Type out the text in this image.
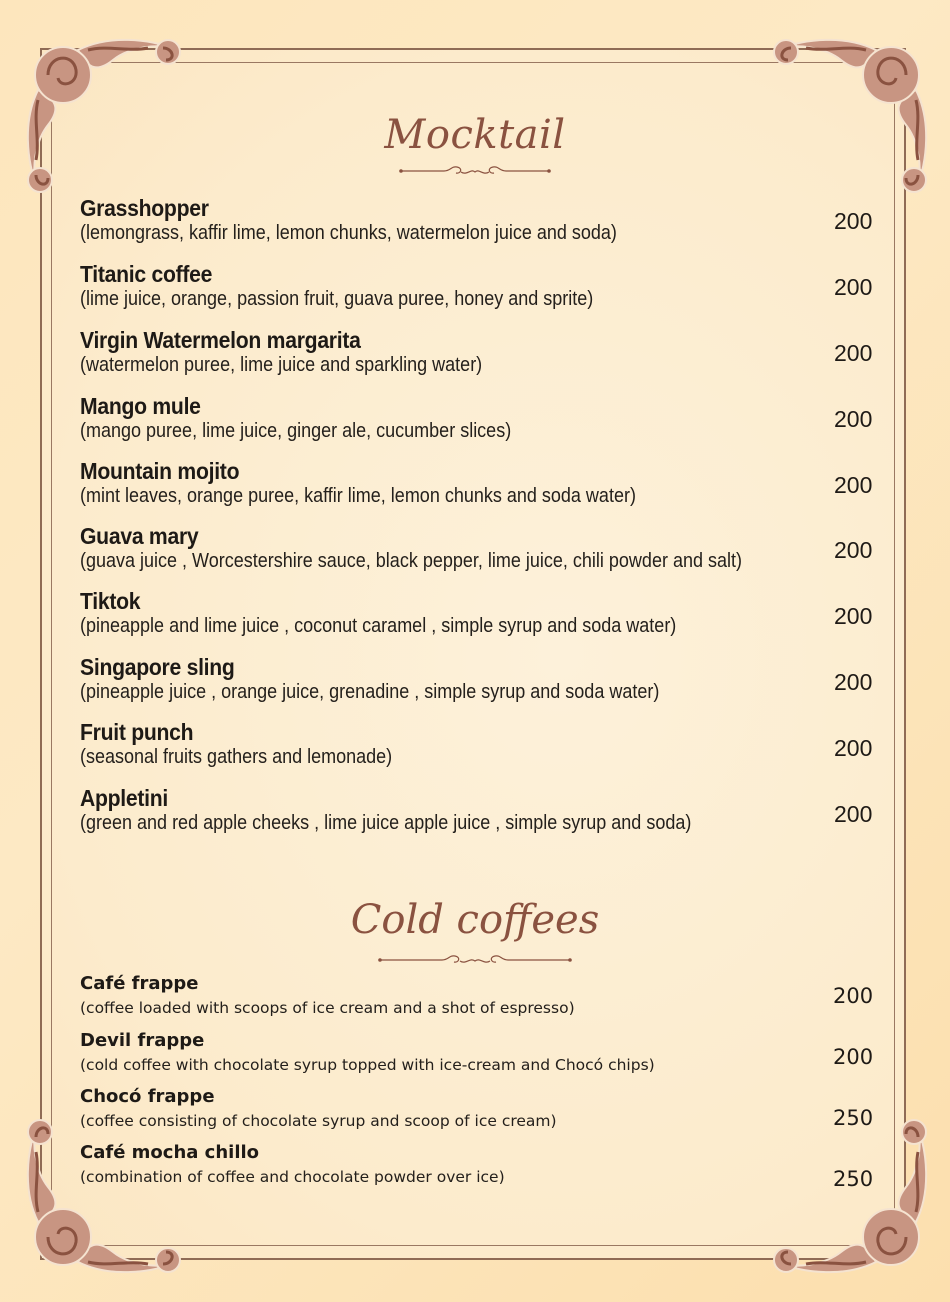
Mocktail
Grasshopper
(lemongrass, kaffir lime, lemon chunks, watermelon juice and soda)	200
Titanic coffee
(lime juice, orange, passion fruit, guava puree, honey and sprite)	200
Virgin Watermelon margarita
(watermelon puree, lime juice and sparkling water)	200
Mango mule
(mango puree, lime juice, ginger ale, cucumber slices)	200
Mountain mojito
(mint leaves, orange puree, kaffir lime, lemon chunks and soda water)	200
Guava mary
(guava juice , Worcestershire sauce, black pepper, lime juice, chili powder and salt)	200
Tiktok
(pineapple and lime juice , coconut caramel , simple syrup and soda water)	200
Singapore sling
(pineapple juice , orange juice, grenadine , simple syrup and soda water)	200
Fruit punch
(seasonal fruits gathers and lemonade)	200
Appletini
(green and red apple cheeks , lime juice apple juice , simple syrup and soda)	200
Cold coffees
Café frappe
(coffee loaded with scoops of ice cream and a shot of espresso)	200
Devil frappe
(cold coffee with chocolate syrup topped with ice-cream and Chocó chips)	200
Chocó frappe
(coffee consisting of chocolate syrup and scoop of ice cream)	250
Café mocha chillo
(combination of coffee and chocolate powder over ice)	250
